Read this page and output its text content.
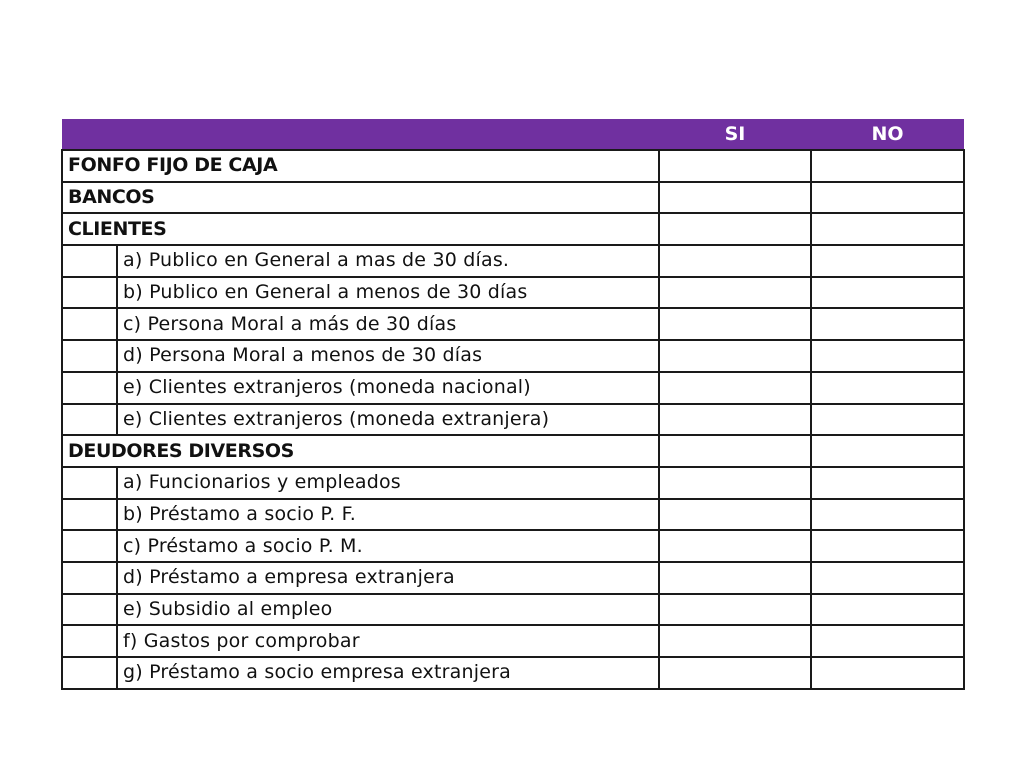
		SI	NO
FONFO FIJO DE CAJA			
BANCOS			
CLIENTES			
	a) Publico en General a mas de 30 días.		
	b) Publico en General a menos de 30 días		
	c) Persona Moral a más de 30 días		
	d) Persona Moral a menos de 30 días		
	e) Clientes extranjeros (moneda nacional)		
	e) Clientes extranjeros (moneda extranjera)		
DEUDORES DIVERSOS			
	a) Funcionarios y empleados		
	b) Préstamo a socio P. F.		
	c) Préstamo a socio P. M.		
	d) Préstamo a empresa extranjera		
	e) Subsidio al empleo		
	f) Gastos por comprobar		
	g) Préstamo a socio empresa extranjera		
